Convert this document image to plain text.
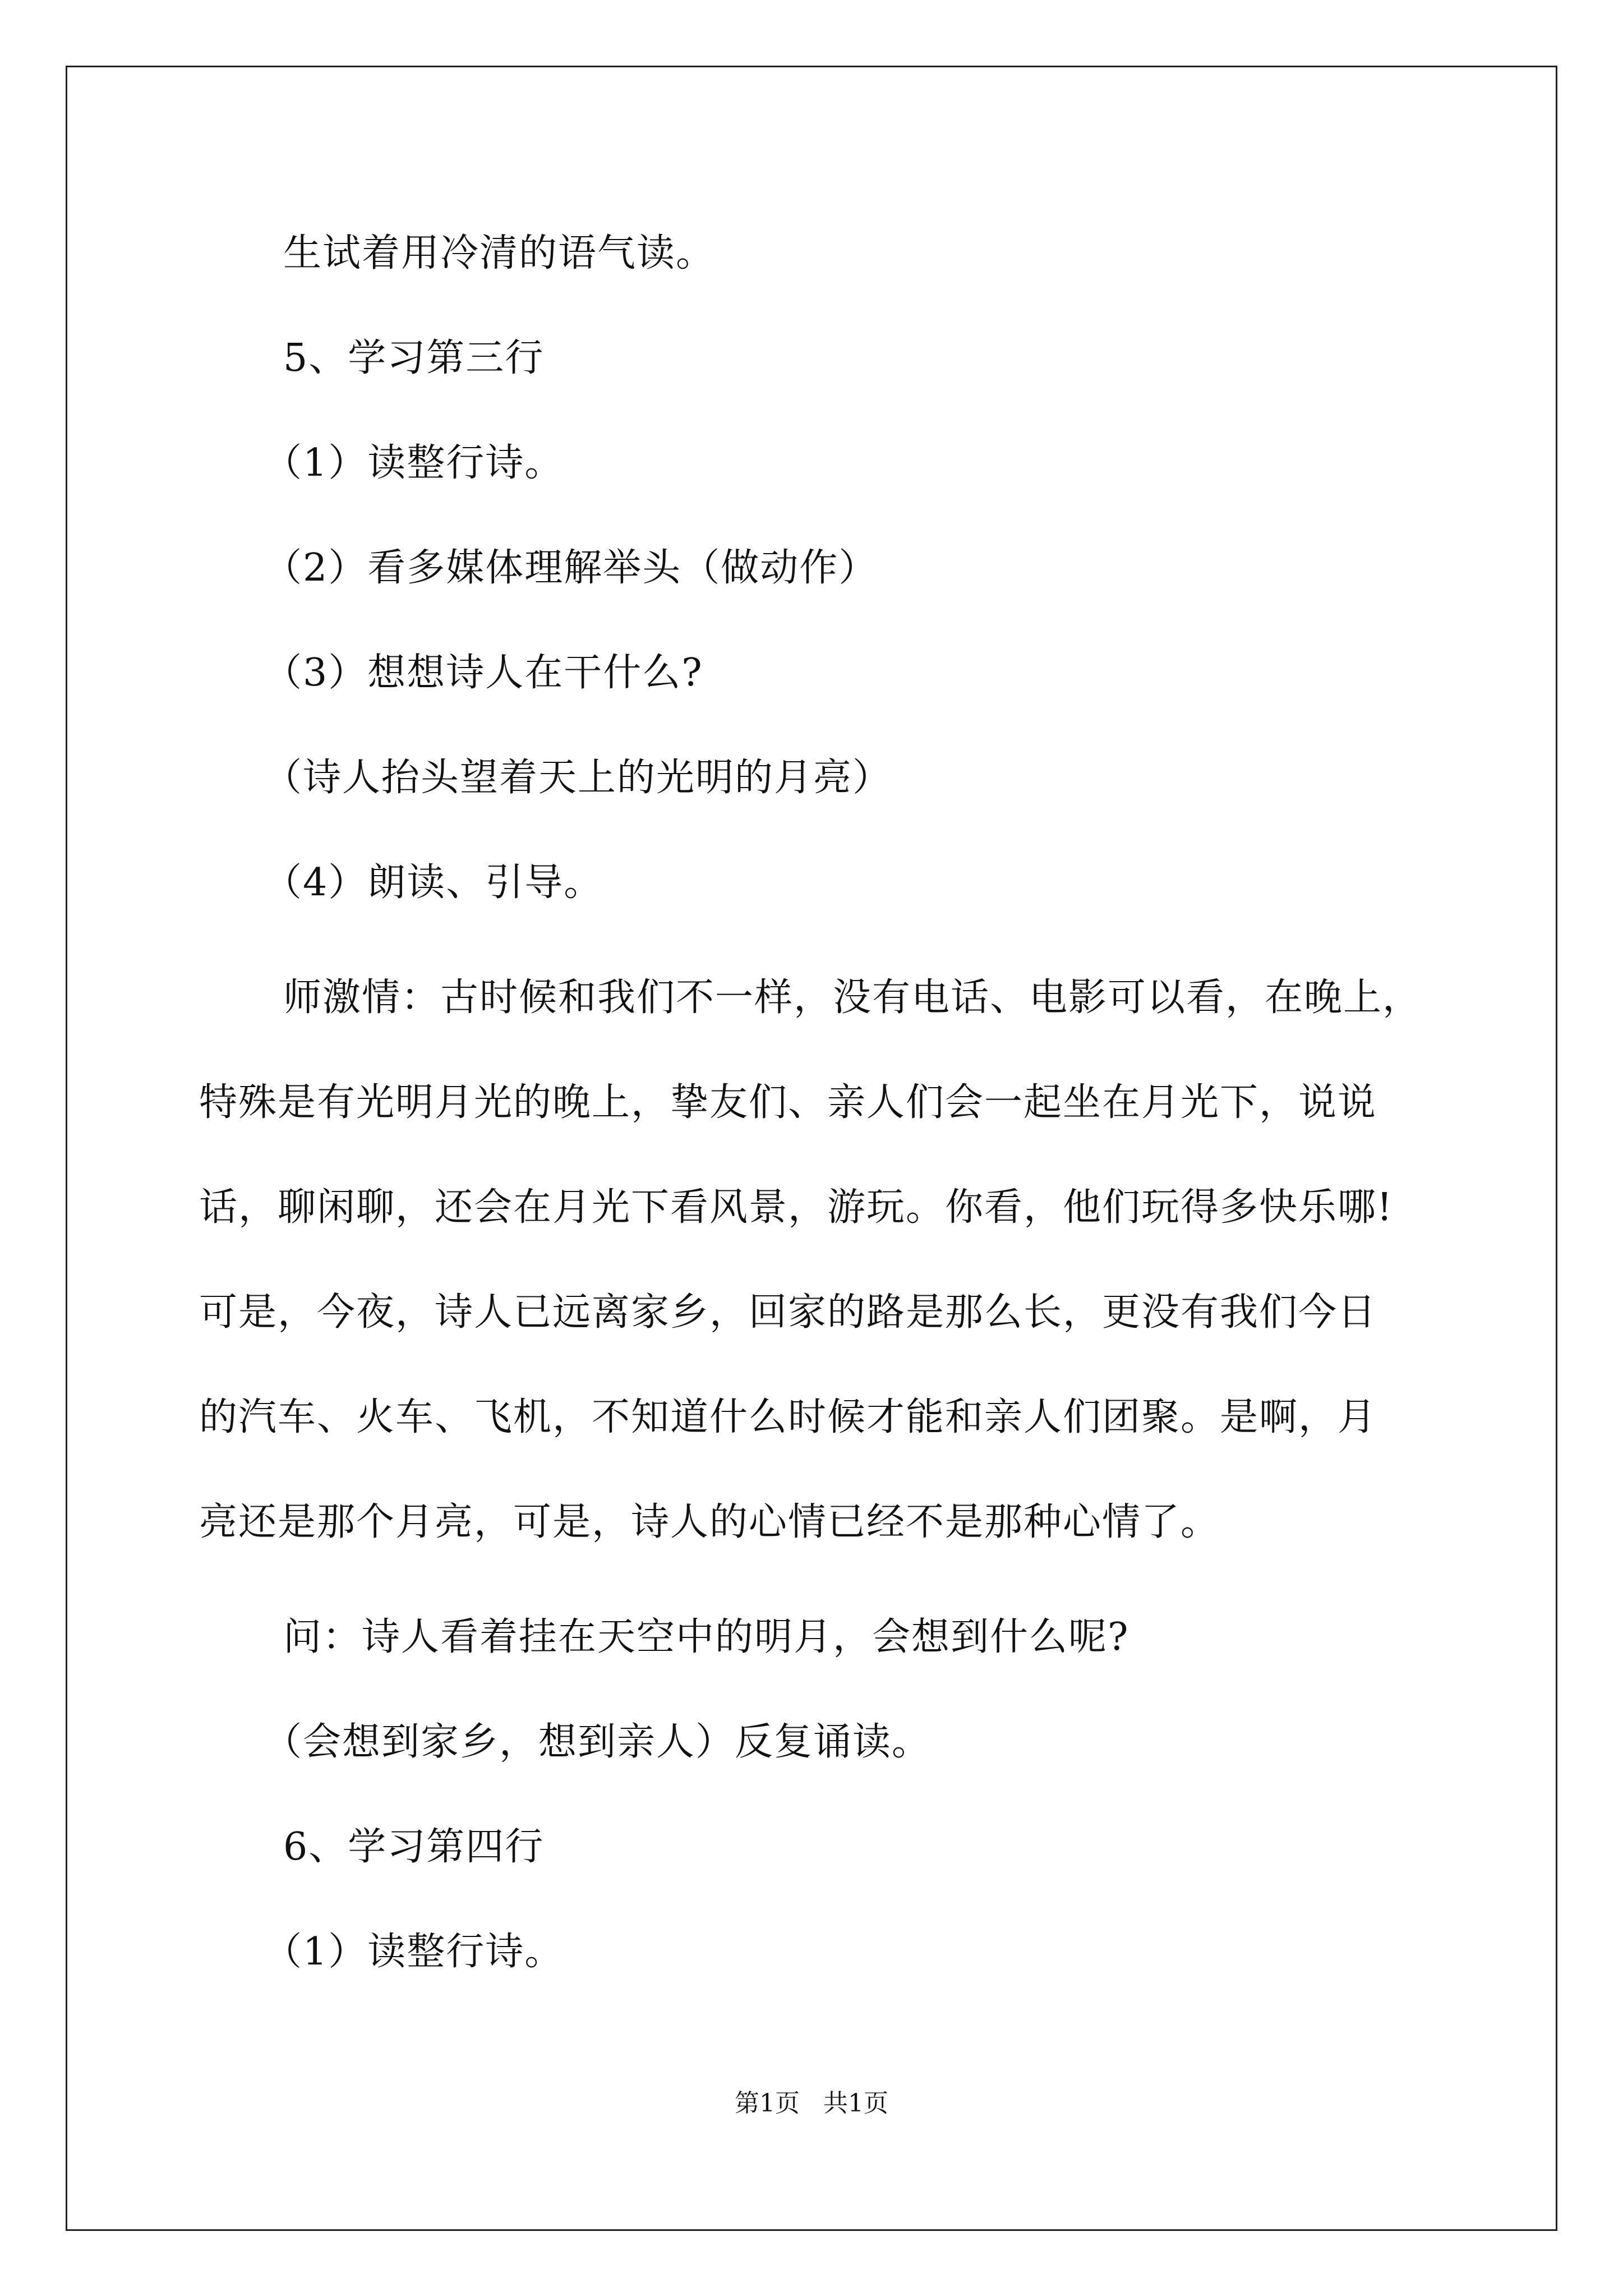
生试着用冷清的语气读。
5、学习第三行
（1）读整行诗。
（2）看多媒体理解举头（做动作）
（3）想想诗人在干什么?
（诗人抬头望着天上的光明的月亮）
（4）朗读、引导。
师激情：古时候和我们不一样，没有电话、电影可以看，在晚上，
特殊是有光明月光的晚上，挚友们、亲人们会一起坐在月光下，说说
话，聊闲聊，还会在月光下看风景，游玩。你看，他们玩得多快乐哪!
可是，今夜，诗人已远离家乡，回家的路是那么长，更没有我们今日
的汽车、火车、飞机，不知道什么时候才能和亲人们团聚。是啊，月
亮还是那个月亮，可是，诗人的心情已经不是那种心情了。
问：诗人看着挂在天空中的明月，会想到什么呢?
（会想到家乡，想到亲人）反复诵读。
6、学习第四行
（1）读整行诗。
第1页   共1页
